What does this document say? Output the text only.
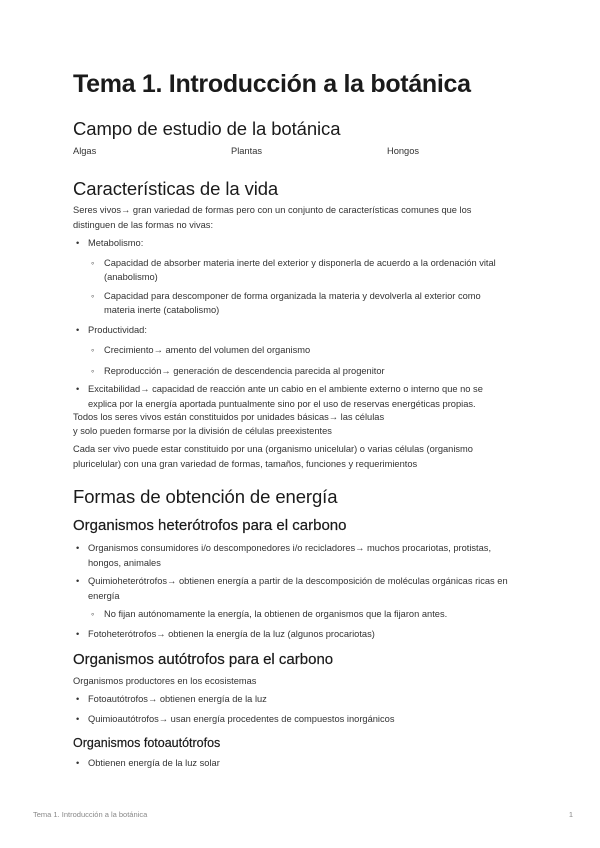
Tema 1. Introducción a la botánica
Campo de estudio de la botánica
Algas	Plantas	Hongos
Características de la vida

Seres vivos→ gran variedad de formas pero con un conjunto de características comunes que los distinguen de las formas no vivas:

• Metabolismo:
◦ Capacidad de absorber materia inerte del exterior y disponerla de acuerdo a la ordenación vital (anabolismo)
◦ Capacidad para descomponer de forma organizada la materia y devolverla al exterior como materia inerte (catabolismo)
• Productividad:
◦ Crecimiento→ amento del volumen del organismo
◦ Reproducción→ generación de descendencia parecida al progenitor
• Excitabilidad→ capacidad de reacción ante un cabio en el ambiente externo o interno que no se explica por la energía aportada puntualmente sino por el uso de reservas energéticas propias.

Todos los seres vivos están constituidos por unidades básicas→ las células

y solo pueden formarse por la división de células preexistentes

Cada ser vivo puede estar constituido por una (organismo unicelular) o varias células (organismo pluricelular) con una gran variedad de formas, tamaños, funciones y requerimientos

Formas de obtención de energía
Organismos heterótrofos para el carbono
• Organismos consumidores i/o descomponedores i/o recicladores→ muchos procariotas, protistas, hongos, animales
• Quimioheterótrofos→ obtienen energía a partir de la descomposición de moléculas orgánicas ricas en energía
◦ No fijan autónomamente la energía, la obtienen de organismos que la fijaron antes.
• Fotoheterótrofos→ obtienen la energía de la luz (algunos procariotas)
Organismos autótrofos para el carbono

Organismos productores en los ecosistemas

• Fotoautótrofos→ obtienen energía de la luz
• Quimioautótrofos→ usan energía procedentes de compuestos inorgánicos
Organismos fotoautótrofos
• Obtienen energía de la luz solar
Tema 1. Introducción a la botánica	1
